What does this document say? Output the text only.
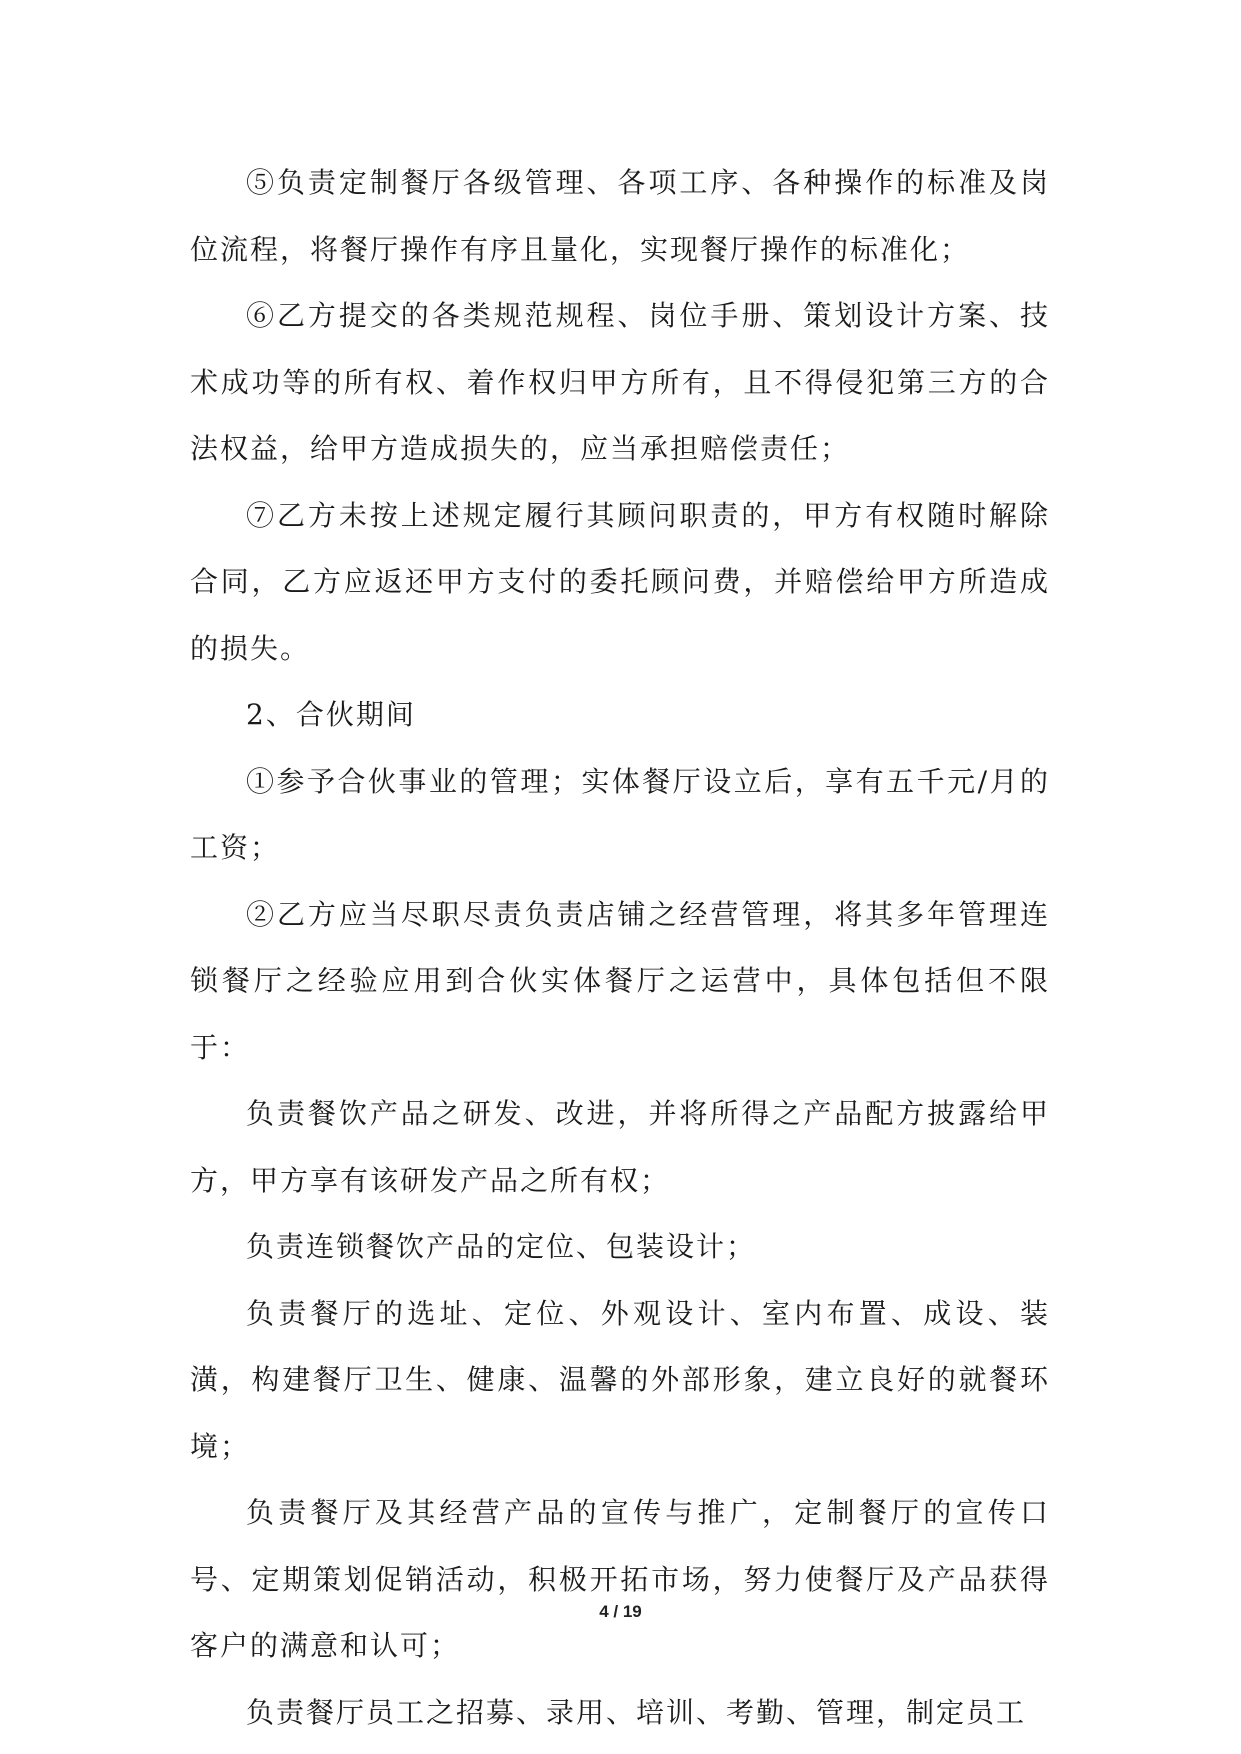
⑤负责定制餐厅各级管理、各项工序、各种操作的标准及岗位流程，将餐厅操作有序且量化，实现餐厅操作的标准化；

⑥乙方提交的各类规范规程、岗位手册、策划设计方案、技术成功等的所有权、着作权归甲方所有，且不得侵犯第三方的合法权益，给甲方造成损失的，应当承担赔偿责任；

⑦乙方未按上述规定履行其顾问职责的，甲方有权随时解除合同，乙方应返还甲方支付的委托顾问费，并赔偿给甲方所造成的损失。

2、合伙期间

①参予合伙事业的管理；实体餐厅设立后，享有五千元/月的工资；

②乙方应当尽职尽责负责店铺之经营管理，将其多年管理连锁餐厅之经验应用到合伙实体餐厅之运营中，具体包括但不限于：

负责餐饮产品之研发、改进，并将所得之产品配方披露给甲方，甲方享有该研发产品之所有权；

负责连锁餐饮产品的定位、包装设计；

负责餐厅的选址、定位、外观设计、室内布置、成设、装潢，构建餐厅卫生、健康、温馨的外部形象，建立良好的就餐环境；

负责餐厅及其经营产品的宣传与推广，定制餐厅的宣传口号、定期策划促销活动，积极开拓市场，努力使餐厅及产品获得客户的满意和认可；

负责餐厅员工之招募、录用、培训、考勤、管理，制定员工

4 / 19
